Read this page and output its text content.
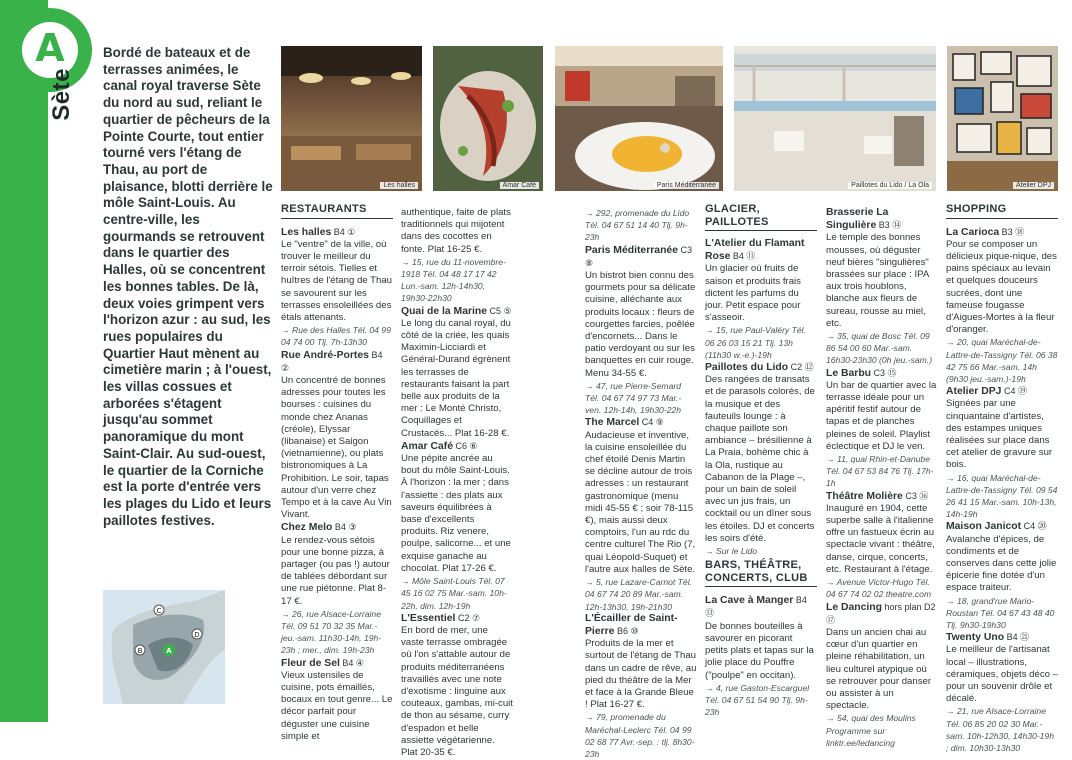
A
Sète
Bordé de bateaux et de terrasses animées, le canal royal traverse Sète du nord au sud, reliant le quartier de pêcheurs de la Pointe Courte, tout entier tourné vers l'étang de Thau, au port de plaisance, blotti derrière le môle Saint-Louis. Au centre-ville, les gourmands se retrouvent dans le quartier des Halles, où se concentrent les bonnes tables. De là, deux voies grimpent vers l'horizon azur : au sud, les rues populaires du Quartier Haut mènent au cimetière marin ; à l'ouest, les villas cossues et arborées s'étagent jusqu'au sommet panoramique du mont Saint-Clair. Au sud-ouest, le quartier de la Corniche est la porte d'entrée vers les plages du Lido et leurs paillotes festives.
C
D
B	A
Les halles	Amar Café	Paris Méditerranée	Paillotes du Lido / La Ola	Atelier DPJ
RESTAURANTS
Les halles B4 ①
Le "ventre" de la ville, où trouver le meilleur du terroir sétois. Tielles et huîtres de l'étang de Thau se savourent sur les terrasses ensoleillées des étals attenants.
→ Rue des Halles Tél. 04 99 04 74 00 Tlj. 7h-13h30
Rue André-Portes B4 ②
Un concentré de bonnes adresses pour toutes les bourses : cuisines du monde chez Ananas (créole), Elyssar (libanaise) et Saigon (vietnamienne), ou plats bistronomiques à La Prohibition. Le soir, tapas autour d'un verre chez Tempo et à la cave Au Vin Vivant.
Chez Melo B4 ③
Le rendez-vous sétois pour une bonne pizza, à partager (ou pas !) autour de tablées débordant sur une rue piétonne. Plat 8-17 €.
→ 26, rue Alsace-Lorraine Tél. 09 51 70 32 35 Mar.-jeu.-sam. 11h30-14h, 19h-23h ; mer., dim. 19h-23h
Fleur de Sel B4 ④
Vieux ustensiles de cuisine, pots émaillés, bocaux en tout genre... Le décor parfait pour déguster une cuisine simple et
authentique, faite de plats traditionnels qui mijotent dans des cocottes en fonte. Plat 16-25 €.
→ 15, rue du 11-novembre-1918 Tél. 04 48 17 17 42 Lun.-sam. 12h-14h30, 19h30-22h30
Quai de la Marine C5 ⑤
Le long du canal royal, du côté de la criée, les quais Maximin-Licciardi et Général-Durand égrènent les terrasses de restaurants faisant la part belle aux produits de la mer : Le Monté Christo, Coquillages et Crustacés... Plat 16-28 €.
Amar Café C6 ⑥
Une pépite ancrée au bout du môle Saint-Louis. À l'horizon : la mer ; dans l'assiette : des plats aux saveurs équilibrées à base d'excellents produits. Riz venere, poulpe, salicorne... et une exquise ganache au chocolat. Plat 17-26 €.
→ Môle Saint-Louis Tél. 07 45 16 02 75 Mar.-sam. 10h-22h, dim. 12h-19h
L'Essentiel C2 ⑦
En bord de mer, une vaste terrasse ombragée où l'on s'attable autour de produits méditerranéens travaillés avec une note d'exotisme : linguine aux couteaux, gambas, mi-cuit de thon au sésame, curry d'espadon et belle assiette végétarienne. Plat 20-35 €.
→ 292, promenade du Lido Tél. 04 67 51 14 40 Tlj. 9h-23h
Paris Méditerranée C3 ⑧
Un bistrot bien connu des gourmets pour sa délicate cuisine, alléchante aux produits locaux : fleurs de courgettes farcies, poêlée d'encornets... Dans le patio verdoyant ou sur les banquettes en cuir rouge. Menu 34-55 €.
→ 47, rue Pierre-Semard Tél. 04 67 74 97 73 Mar.-ven. 12h-14h, 19h30-22h
The Marcel C4 ⑨
Audacieuse et inventive, la cuisine ensoleillée du chef étoilé Denis Martin se décline autour de trois adresses : un restaurant gastronomique (menu midi 45-55 € ; soir 78-115 €), mais aussi deux comptoirs, l'un au rdc du centre culturel The Rio (7, quai Léopold-Suquet) et l'autre aux halles de Sète.
→ 5, rue Lazare-Carnot Tél. 04 67 74 20 89 Mar.-sam. 12h-13h30, 19h-21h30
L'Écailler de Saint-Pierre B6 ⑩
Produits de la mer et surtout de l'étang de Thau dans un cadre de rêve, au pied du théâtre de la Mer et face à la Grande Bleue ! Plat 16-27 €.
→ 79, promenade du Maréchal-Leclerc Tél. 04 99 02 68 77 Avr.-sep. : tlj. 8h30-23h
GLACIER, PAILLOTES
L'Atelier du Flamant Rose B4 ⑪
Un glacier où fruits de saison et produits frais dictent les parfums du jour. Petit espace pour s'asseoir.
→ 15, rue Paul-Valéry Tél. 06 26 03 15 21 Tlj. 13h (11h30 w.-e.)-19h
Paillotes du Lido C2 ⑫
Des rangées de transats et de parasols colorés, de la musique et des fauteuils lounge : à chaque paillote son ambiance – brésilienne à La Praia, bohème chic à la Ola, rustique au Cabanon de la Plage –, pour un bain de soleil avec un jus frais, un cocktail ou un dîner sous les étoiles. DJ et concerts les soirs d'été.
→ Sur le Lido
BARS, THÉÂTRE, CONCERTS, CLUB
La Cave à Manger B4 ⑬
De bonnes bouteilles à savourer en picorant petits plats et tapas sur la jolie place du Pouffre ("poulpe" en occitan).
→ 4, rue Gaston-Escarguel Tél. 04 67 51 54 90 Tlj. 9h-23h
Brasserie La Singulière B3 ⑭
Le temple des bonnes mousses, où déguster neuf bières "singulières" brassées sur place : IPA aux trois houblons, blanche aux fleurs de sureau, rousse au miel, etc.
→ 35, quai de Bosc Tél. 09 86 54 00 60 Mar.-sam. 16h30-23h30 (0h jeu.-sam.)
Le Barbu C3 ⑮
Un bar de quartier avec la terrasse idéale pour un apéritif festif autour de tapas et de planches pleines de soleil. Playlist éclectique et DJ le ven.
→ 11, quai Rhin-et-Danube Tél. 04 67 53 84 76 Tlj. 17h-1h
Théâtre Molière C3 ⑯
Inauguré en 1904, cette superbe salle à l'italienne offre un fastueux écrin au spectacle vivant : théâtre, danse, cirque, concerts, etc. Restaurant à l'étage.
→ Avenue Victor-Hugo Tél. 04 67 74 02 02 theatre.com
Le Dancing hors plan D2 ⑰
Dans un ancien chai au cœur d'un quartier en pleine réhabilitation, un lieu culturel atypique où se retrouver pour danser ou assister à un spectacle.
→ 54, quai des Moulins Programme sur linktr.ee/ledancing
SHOPPING
La Carioca B3 ⑱
Pour se composer un délicieux pique-nique, des pains spéciaux au levain et quelques douceurs sucrées, dont une fameuse fougasse d'Aigues-Mortes à la fleur d'oranger.
→ 20, quai Maréchal-de-Lattre-de-Tassigny Tél. 06 38 42 75 66 Mar.-sam. 14h (9h30 jeu.-sam.)-19h
Atelier DPJ C4 ⑲
Signées par une cinquantaine d'artistes, des estampes uniques réalisées sur place dans cet atelier de gravure sur bois.
→ 16, quai Maréchal-de-Lattre-de-Tassigny Tél. 09 54 26 41 15 Mar.-sam. 10h-13h, 14h-19h
Maison Janicot C4 ⑳
Avalanche d'épices, de condiments et de conserves dans cette jolie épicerie fine dotée d'un espace traiteur.
→ 18, grand'rue Mario-Roustan Tél. 04 67 43 48 40 Tlj. 9h30-19h30
Twenty Uno B4 ㉑
Le meilleur de l'artisanat local – illustrations, céramiques, objets déco – pour un souvenir drôle et décalé.
→ 21, rue Alsace-Lorraine Tél. 06 85 20 02 30 Mar.-sam. 10h-12h30, 14h30-19h ; dim. 10h30-13h30
